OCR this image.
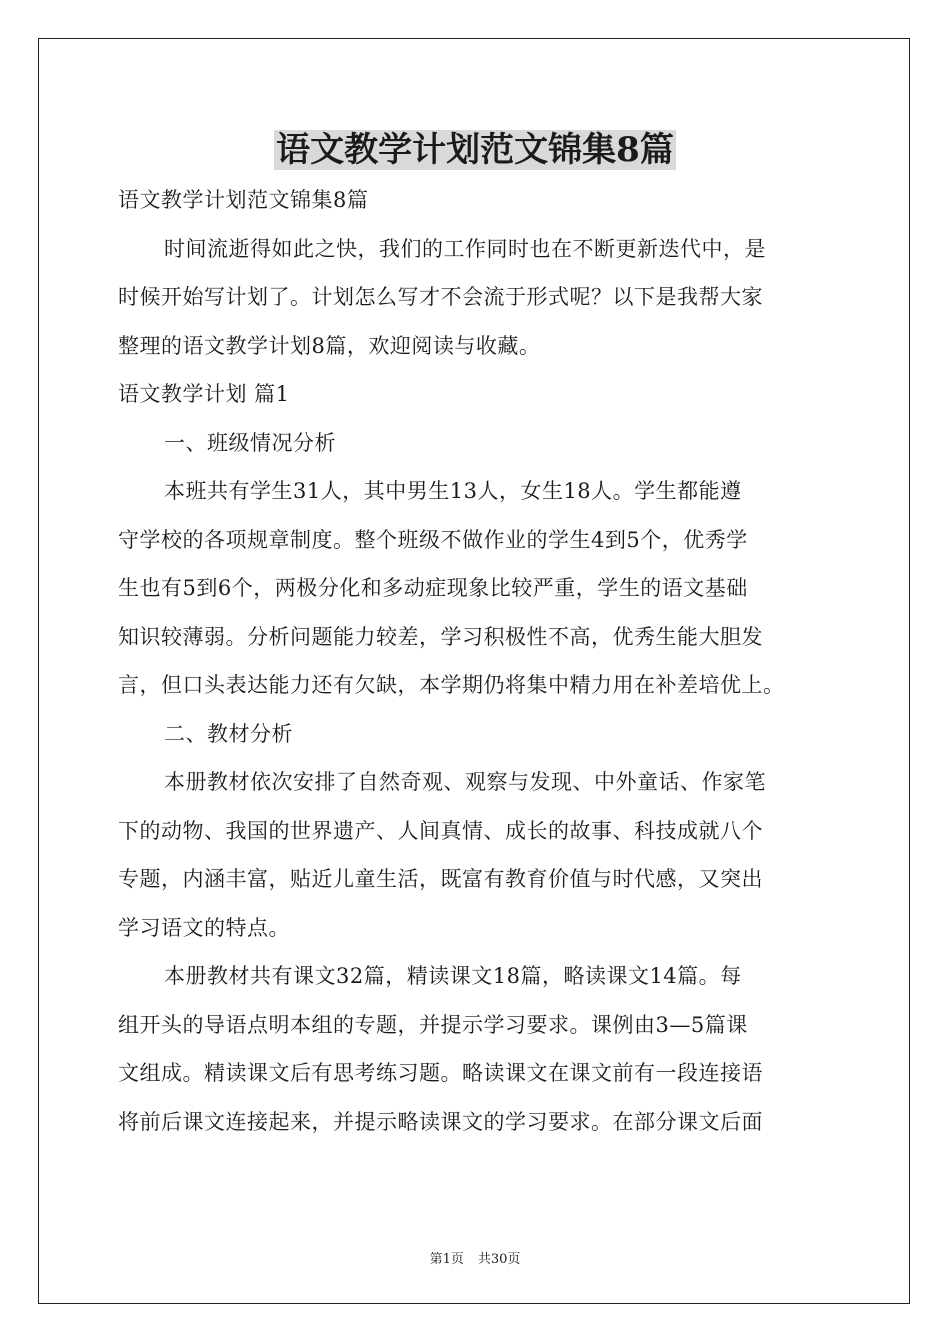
语文教学计划范文锦集8篇
语文教学计划范文锦集8篇
时间流逝得如此之快，我们的工作同时也在不断更新迭代中，是
时候开始写计划了。计划怎么写才不会流于形式呢？以下是我帮大家
整理的语文教学计划8篇，欢迎阅读与收藏。
语文教学计划 篇1
一、班级情况分析
本班共有学生31人，其中男生13人，女生18人。学生都能遵
守学校的各项规章制度。整个班级不做作业的学生4到5个，优秀学
生也有5到6个，两极分化和多动症现象比较严重，学生的语文基础
知识较薄弱。分析问题能力较差，学习积极性不高，优秀生能大胆发
言，但口头表达能力还有欠缺，本学期仍将集中精力用在补差培优上。
二、教材分析
本册教材依次安排了自然奇观、观察与发现、中外童话、作家笔
下的动物、我国的世界遗产、人间真情、成长的故事、科技成就八个
专题，内涵丰富，贴近儿童生活，既富有教育价值与时代感，又突出
学习语文的特点。
本册教材共有课文32篇，精读课文18篇，略读课文14篇。每
组开头的导语点明本组的专题，并提示学习要求。课例由3—5篇课
文组成。精读课文后有思考练习题。略读课文在课文前有一段连接语
将前后课文连接起来，并提示略读课文的学习要求。在部分课文后面
第1页 共30页
